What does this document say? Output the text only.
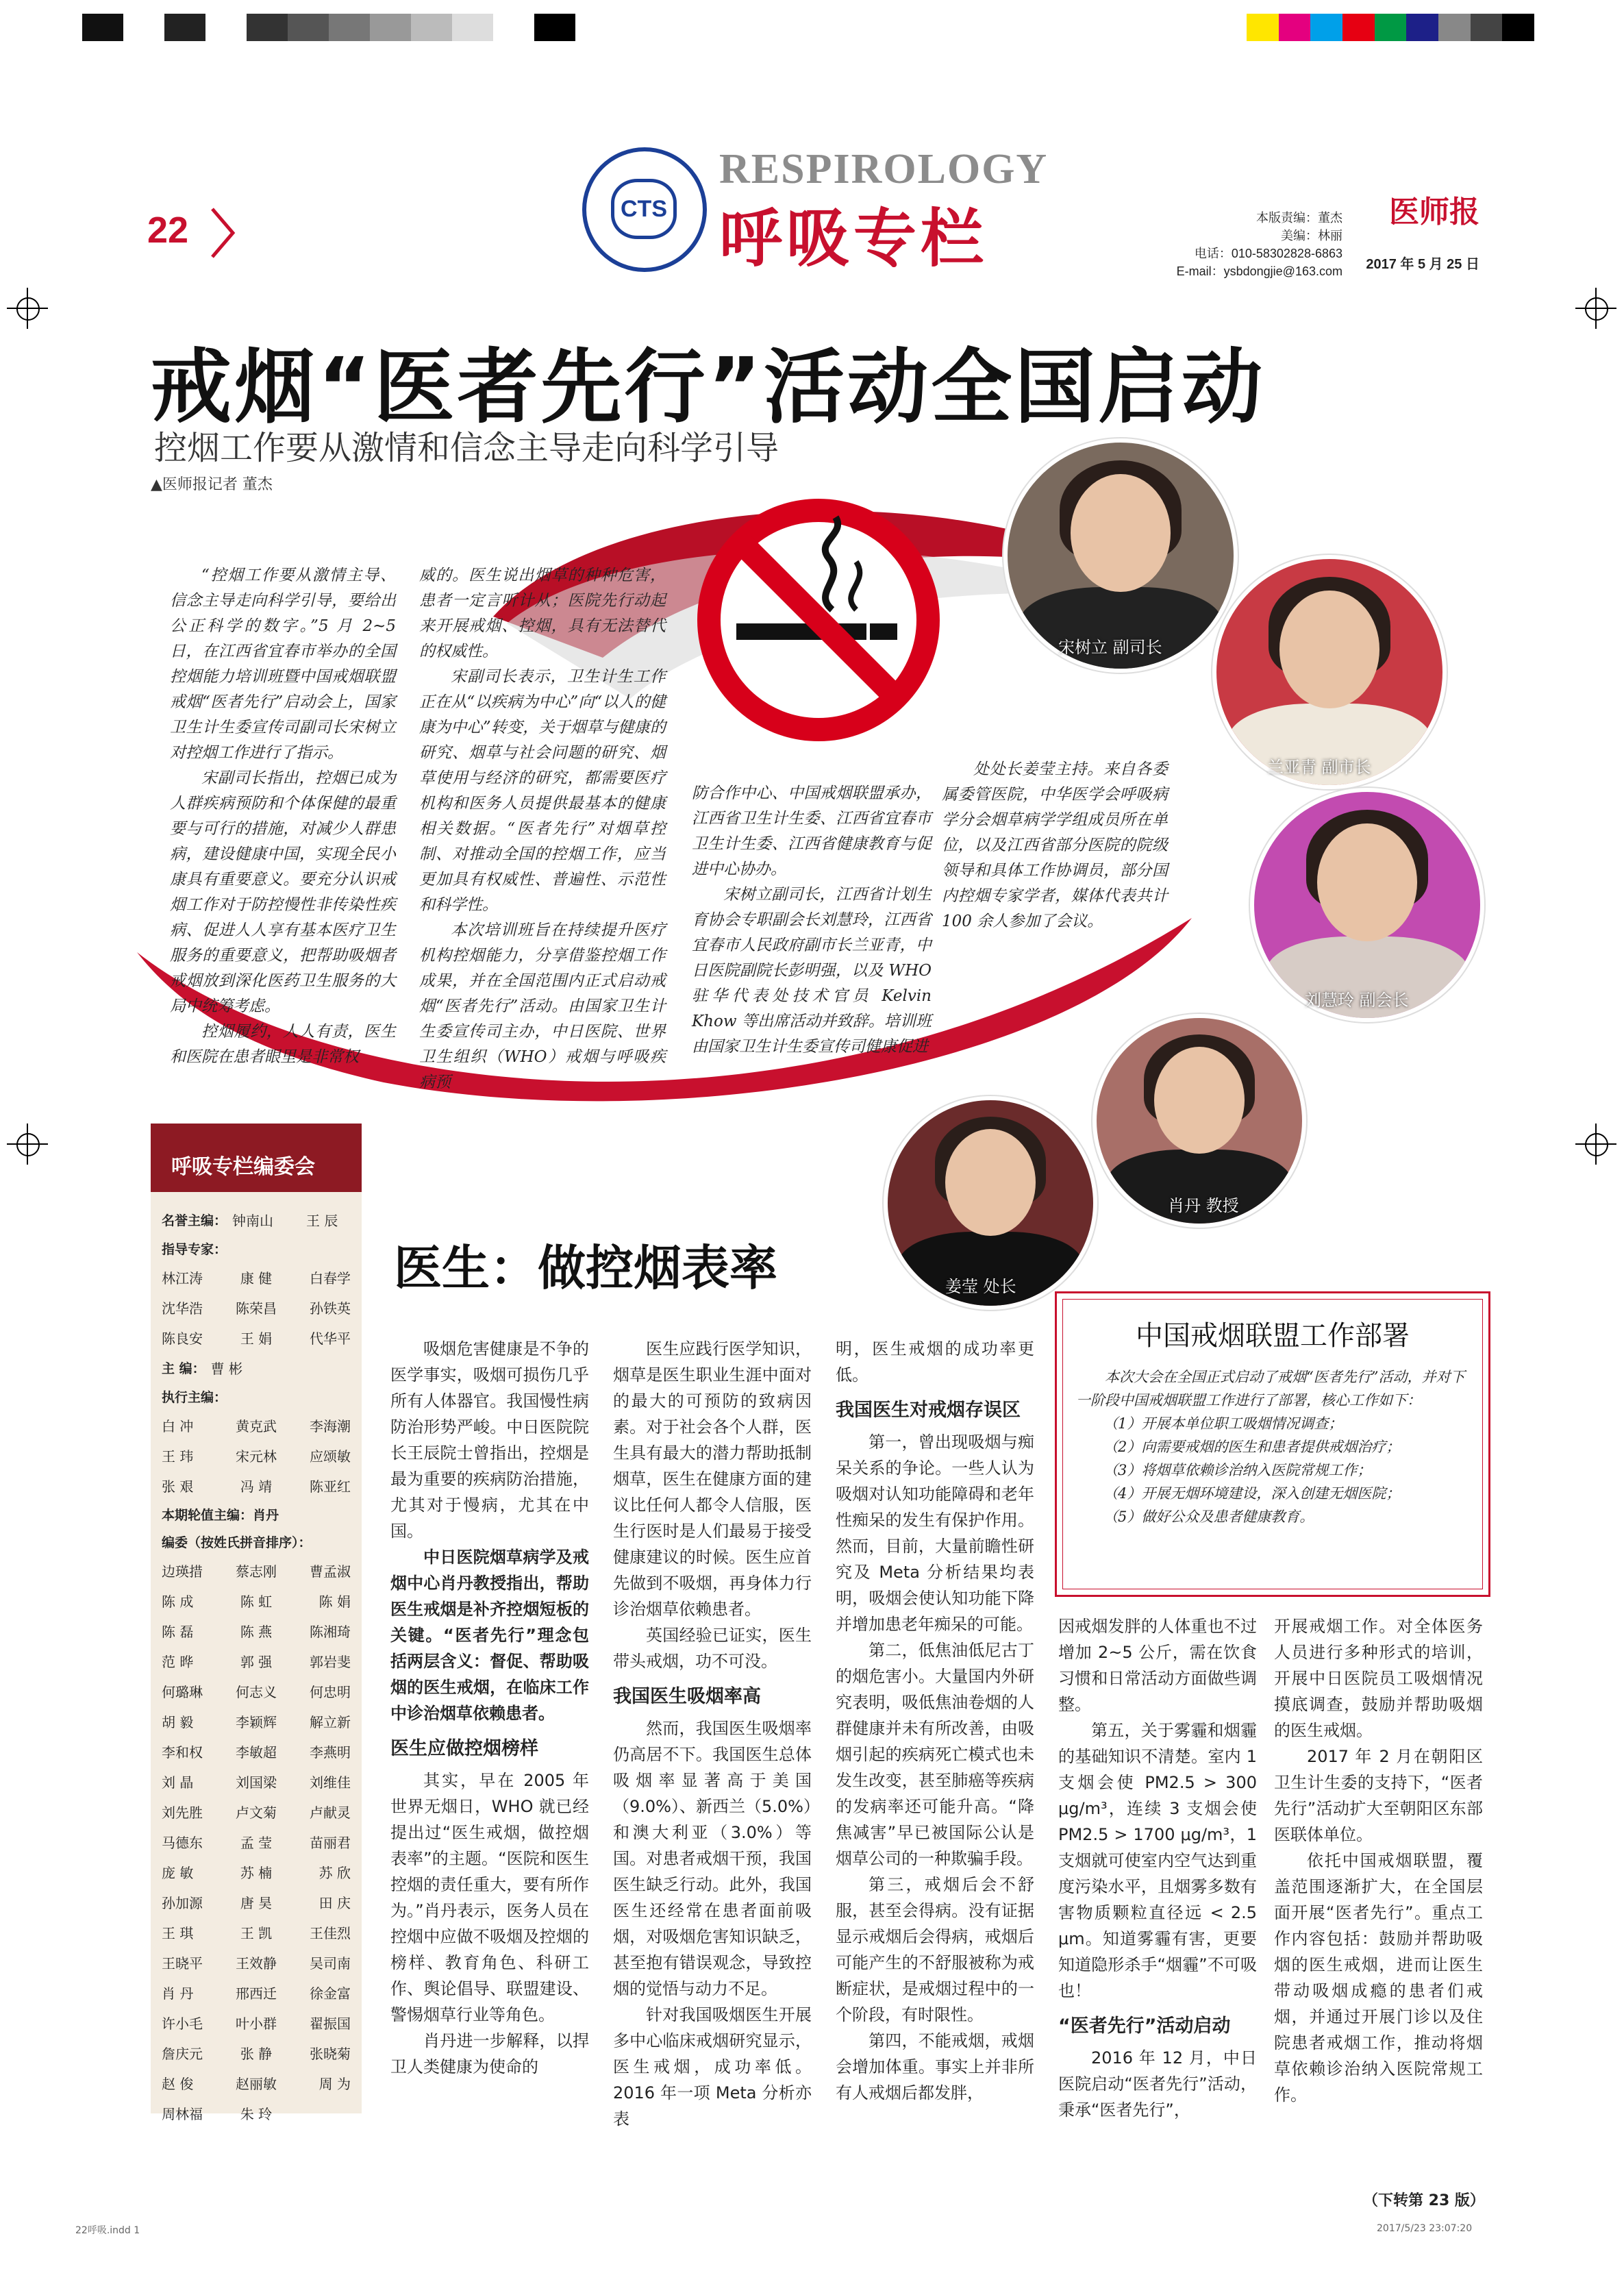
22
CTS
RESPIROLOGY
呼吸专栏	本版责编：董杰
美编：林丽
电话：010-58302828-6863
E-mail：ysbdongjie@163.com
医师报
2017 年 5 月 25 日
戒烟“医者先行”活动全国启动
控烟工作要从激情和信念主导走向科学引导
▲医师报记者 董杰

“控烟工作要从激情主导、信念主导走向科学引导，要给出公正科学的数字。”5 月 2~5 日，在江西省宜春市举办的全国控烟能力培训班暨中国戒烟联盟戒烟“医者先行”启动会上，国家卫生计生委宣传司副司长宋树立对控烟工作进行了指示。

宋副司长指出，控烟已成为人群疾病预防和个体保健的最重要与可行的措施，对减少人群患病，建设健康中国，实现全民小康具有重要意义。要充分认识戒烟工作对于防控慢性非传染性疾病、促进人人享有基本医疗卫生服务的重要意义，把帮助吸烟者戒烟放到深化医药卫生服务的大局中统筹考虑。

控烟履约，人人有责，医生和医院在患者眼里是非常权

威的。医生说出烟草的种种危害，患者一定言听计从；医院先行动起来开展戒烟、控烟，具有无法替代的权威性。

宋副司长表示，卫生计生工作正在从“以疾病为中心”向“以人的健康为中心”转变，关于烟草与健康的研究、烟草与社会问题的研究、烟草使用与经济的研究，都需要医疗机构和医务人员提供最基本的健康相关数据。“医者先行”对烟草控制、对推动全国的控烟工作，应当更加具有权威性、普遍性、示范性和科学性。

本次培训班旨在持续提升医疗机构控烟能力，分享借鉴控烟工作成果，并在全国范围内正式启动戒烟“医者先行”活动。由国家卫生计生委宣传司主办，中日医院、世界卫生组织（WHO）戒烟与呼吸疾病预

防合作中心、中国戒烟联盟承办，江西省卫生计生委、江西省宜春市卫生计生委、江西省健康教育与促进中心协办。

宋树立副司长，江西省计划生育协会专职副会长刘慧玲，江西省宜春市人民政府副市长兰亚青，中日医院副院长彭明强，以及 WHO 驻华代表处技术官员 Kelvin Khow 等出席活动并致辞。培训班由国家卫生计生委宣传司健康促进

处处长姜莹主持。来自各委属委管医院，中华医学会呼吸病学分会烟草病学学组成员所在单位，以及江西省部分医院的院级领导和具体工作协调员，部分国内控烟专家学者，媒体代表共计 100 余人参加了会议。

宋树立 副司长
兰亚青 副市长
刘慧玲 副会长
肖丹 教授
姜莹 处长
呼吸专栏编委会
名誉主编： 钟南山 王 辰
指导专家：
林江涛	康 健	白春学
沈华浩	陈荣昌	孙铁英
陈良安	王 娟	代华平
主 编： 曹 彬
执行主编：
白 冲	黄克武	李海潮
王 玮	宋元林	应颂敏
张 艰	冯 靖	陈亚红
本期轮值主编：肖丹
编委（按姓氏拼音排序）：
边瑛措	蔡志刚	曹孟淑
陈 成	陈 虹	陈 娟
陈 磊	陈 燕	陈湘琦
范 晔	郭 强	郭岩斐
何璐琳	何志义	何忠明
胡 毅	李颖辉	解立新
李和权	李敏超	李燕明
刘 晶	刘国梁	刘维佳
刘先胜	卢文菊	卢献灵
马德东	孟 莹	苗丽君
庞 敏	苏 楠	苏 欣
孙加源	唐 昊	田 庆
王 琪	王 凯	王佳烈
王晓平	王效静	吴司南
肖 丹	邢西迁	徐金富
许小毛	叶小群	翟振国
詹庆元	张 静	张晓菊
赵 俊	赵丽敏	周 为
周林福	朱 玲
医生：做控烟表率

吸烟危害健康是不争的医学事实，吸烟可损伤几乎所有人体器官。我国慢性病防治形势严峻。中日医院院长王辰院士曾指出，控烟是最为重要的疾病防治措施，尤其对于慢病，尤其在中国。

中日医院烟草病学及戒烟中心肖丹教授指出，帮助医生戒烟是补齐控烟短板的关键。“医者先行”理念包括两层含义：督促、帮助吸烟的医生戒烟，在临床工作中诊治烟草依赖患者。

医生应做控烟榜样

其实，早在 2005 年世界无烟日，WHO 就已经提出过“医生戒烟，做控烟表率”的主题。“医院和医生控烟的责任重大，要有所作为。”肖丹表示，医务人员在控烟中应做不吸烟及控烟的榜样、教育角色、科研工作、舆论倡导、联盟建设、警惕烟草行业等角色。

肖丹进一步解释，以捍卫人类健康为使命的

医生应践行医学知识，烟草是医生职业生涯中面对的最大的可预防的致病因素。对于社会各个人群，医生具有最大的潜力帮助抵制烟草，医生在健康方面的建议比任何人都令人信服，医生行医时是人们最易于接受健康建议的时候。医生应首先做到不吸烟，再身体力行诊治烟草依赖患者。

英国经验已证实，医生带头戒烟，功不可没。

我国医生吸烟率高

然而，我国医生吸烟率仍高居不下。我国医生总体吸烟率显著高于美国（9.0%）、新西兰（5.0%）和澳大利亚（3.0%）等国。对患者戒烟干预，我国医生缺乏行动。此外，我国医生还经常在患者面前吸烟，对吸烟危害知识缺乏，甚至抱有错误观念，导致控烟的觉悟与动力不足。

针对我国吸烟医生开展多中心临床戒烟研究显示，医生戒烟，成功率低。2016 年一项 Meta 分析亦表

明，医生戒烟的成功率更低。

我国医生对戒烟存误区

第一，曾出现吸烟与痴呆关系的争论。一些人认为吸烟对认知功能障碍和老年性痴呆的发生有保护作用。然而，目前，大量前瞻性研究及 Meta 分析结果均表明，吸烟会使认知功能下降并增加患老年痴呆的可能。

第二，低焦油低尼古丁的烟危害小。大量国内外研究表明，吸低焦油卷烟的人群健康并未有所改善，由吸烟引起的疾病死亡模式也未发生改变，甚至肺癌等疾病的发病率还可能升高。“降焦减害”早已被国际公认是烟草公司的一种欺骗手段。

第三，戒烟后会不舒服，甚至会得病。没有证据显示戒烟后会得病，戒烟后可能产生的不舒服被称为戒断症状，是戒烟过程中的一个阶段，有时限性。

第四，不能戒烟，戒烟会增加体重。事实上并非所有人戒烟后都发胖，

因戒烟发胖的人体重也不过增加 2~5 公斤，需在饮食习惯和日常活动方面做些调整。

第五，关于雾霾和烟霾的基础知识不清楚。室内 1 支烟会使 PM2.5 > 300 μg/m³，连续 3 支烟会使 PM2.5 > 1700 μg/m³，1 支烟就可使室内空气达到重度污染水平，且烟雾多数有害物质颗粒直径远 < 2.5 μm。知道雾霾有害，更要知道隐形杀手“烟霾”不可吸也！

“医者先行”活动启动

2016 年 12 月，中日医院启动“医者先行”活动，秉承“医者先行”，

开展戒烟工作。对全体医务人员进行多种形式的培训，开展中日医院员工吸烟情况摸底调查，鼓励并帮助吸烟的医生戒烟。

2017 年 2 月在朝阳区卫生计生委的支持下，“医者先行”活动扩大至朝阳区东部医联体单位。

依托中国戒烟联盟，覆盖范围逐渐扩大，在全国层面开展“医者先行”。重点工作内容包括：鼓励并帮助吸烟的医生戒烟，进而让医生带动吸烟成瘾的患者们戒烟，并通过开展门诊以及住院患者戒烟工作，推动将烟草依赖诊治纳入医院常规工作。

（下转第 23 版）
中国戒烟联盟工作部署

本次大会在全国正式启动了戒烟“医者先行”活动，并对下一阶段中国戒烟联盟工作进行了部署，核心工作如下：

（1）开展本单位职工吸烟情况调查；

（2）向需要戒烟的医生和患者提供戒烟治疗；

（3）将烟草依赖诊治纳入医院常规工作；

（4）开展无烟环境建设，深入创建无烟医院；

（5）做好公众及患者健康教育。

22呼吸.indd 1	2017/5/23 23:07:20
